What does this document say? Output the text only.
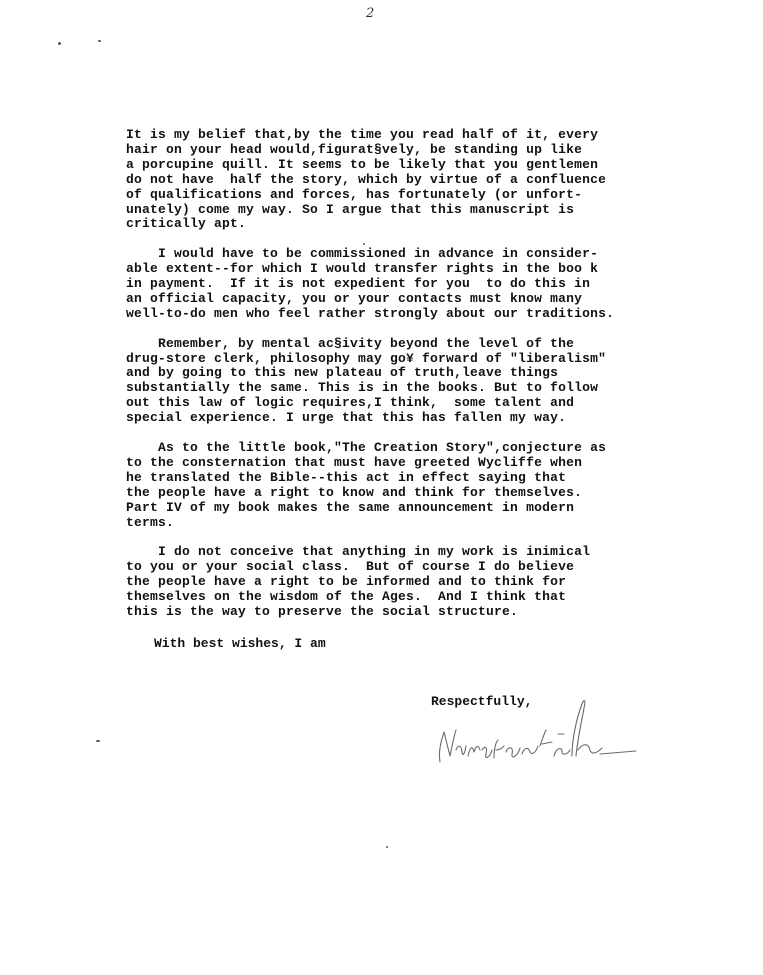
2
It is my belief that,by the time you read half of it, every
hair on your head would,figurat§vely, be standing up like
a porcupine quill. It seems to be likely that you gentlemen
do not have  half the story, which by virtue of a confluence
of qualifications and forces, has fortunately (or unfort-
unately) come my way. So I argue that this manuscript is
critically apt.
I would have to be commissioned in advance in consider-
able extent--for which I would transfer rights in the boo k
in payment.  If it is not expedient for you  to do this in
an official capacity, you or your contacts must know many
well-to-do men who feel rather strongly about our traditions.
Remember, by mental ac§ivity beyond the level of the
drug-store clerk, philosophy may go¥ forward of "liberalism"
and by going to this new plateau of truth,leave things
substantially the same. This is in the books. But to follow
out this law of logic requires,I think,  some talent and
special experience. I urge that this has fallen my way.
As to the little book,"The Creation Story",conjecture as
to the consternation that must have greeted Wycliffe when
he translated the Bible--this act in effect saying that
the people have a right to know and think for themselves.
Part IV of my book makes the same announcement in modern
terms.
I do not conceive that anything in my work is inimical
to you or your social class.  But of course I do believe
the people have a right to be informed and to think for
themselves on the wisdom of the Ages.  And I think that
this is the way to preserve the social structure.
With best wishes, I am
Respectfully,
